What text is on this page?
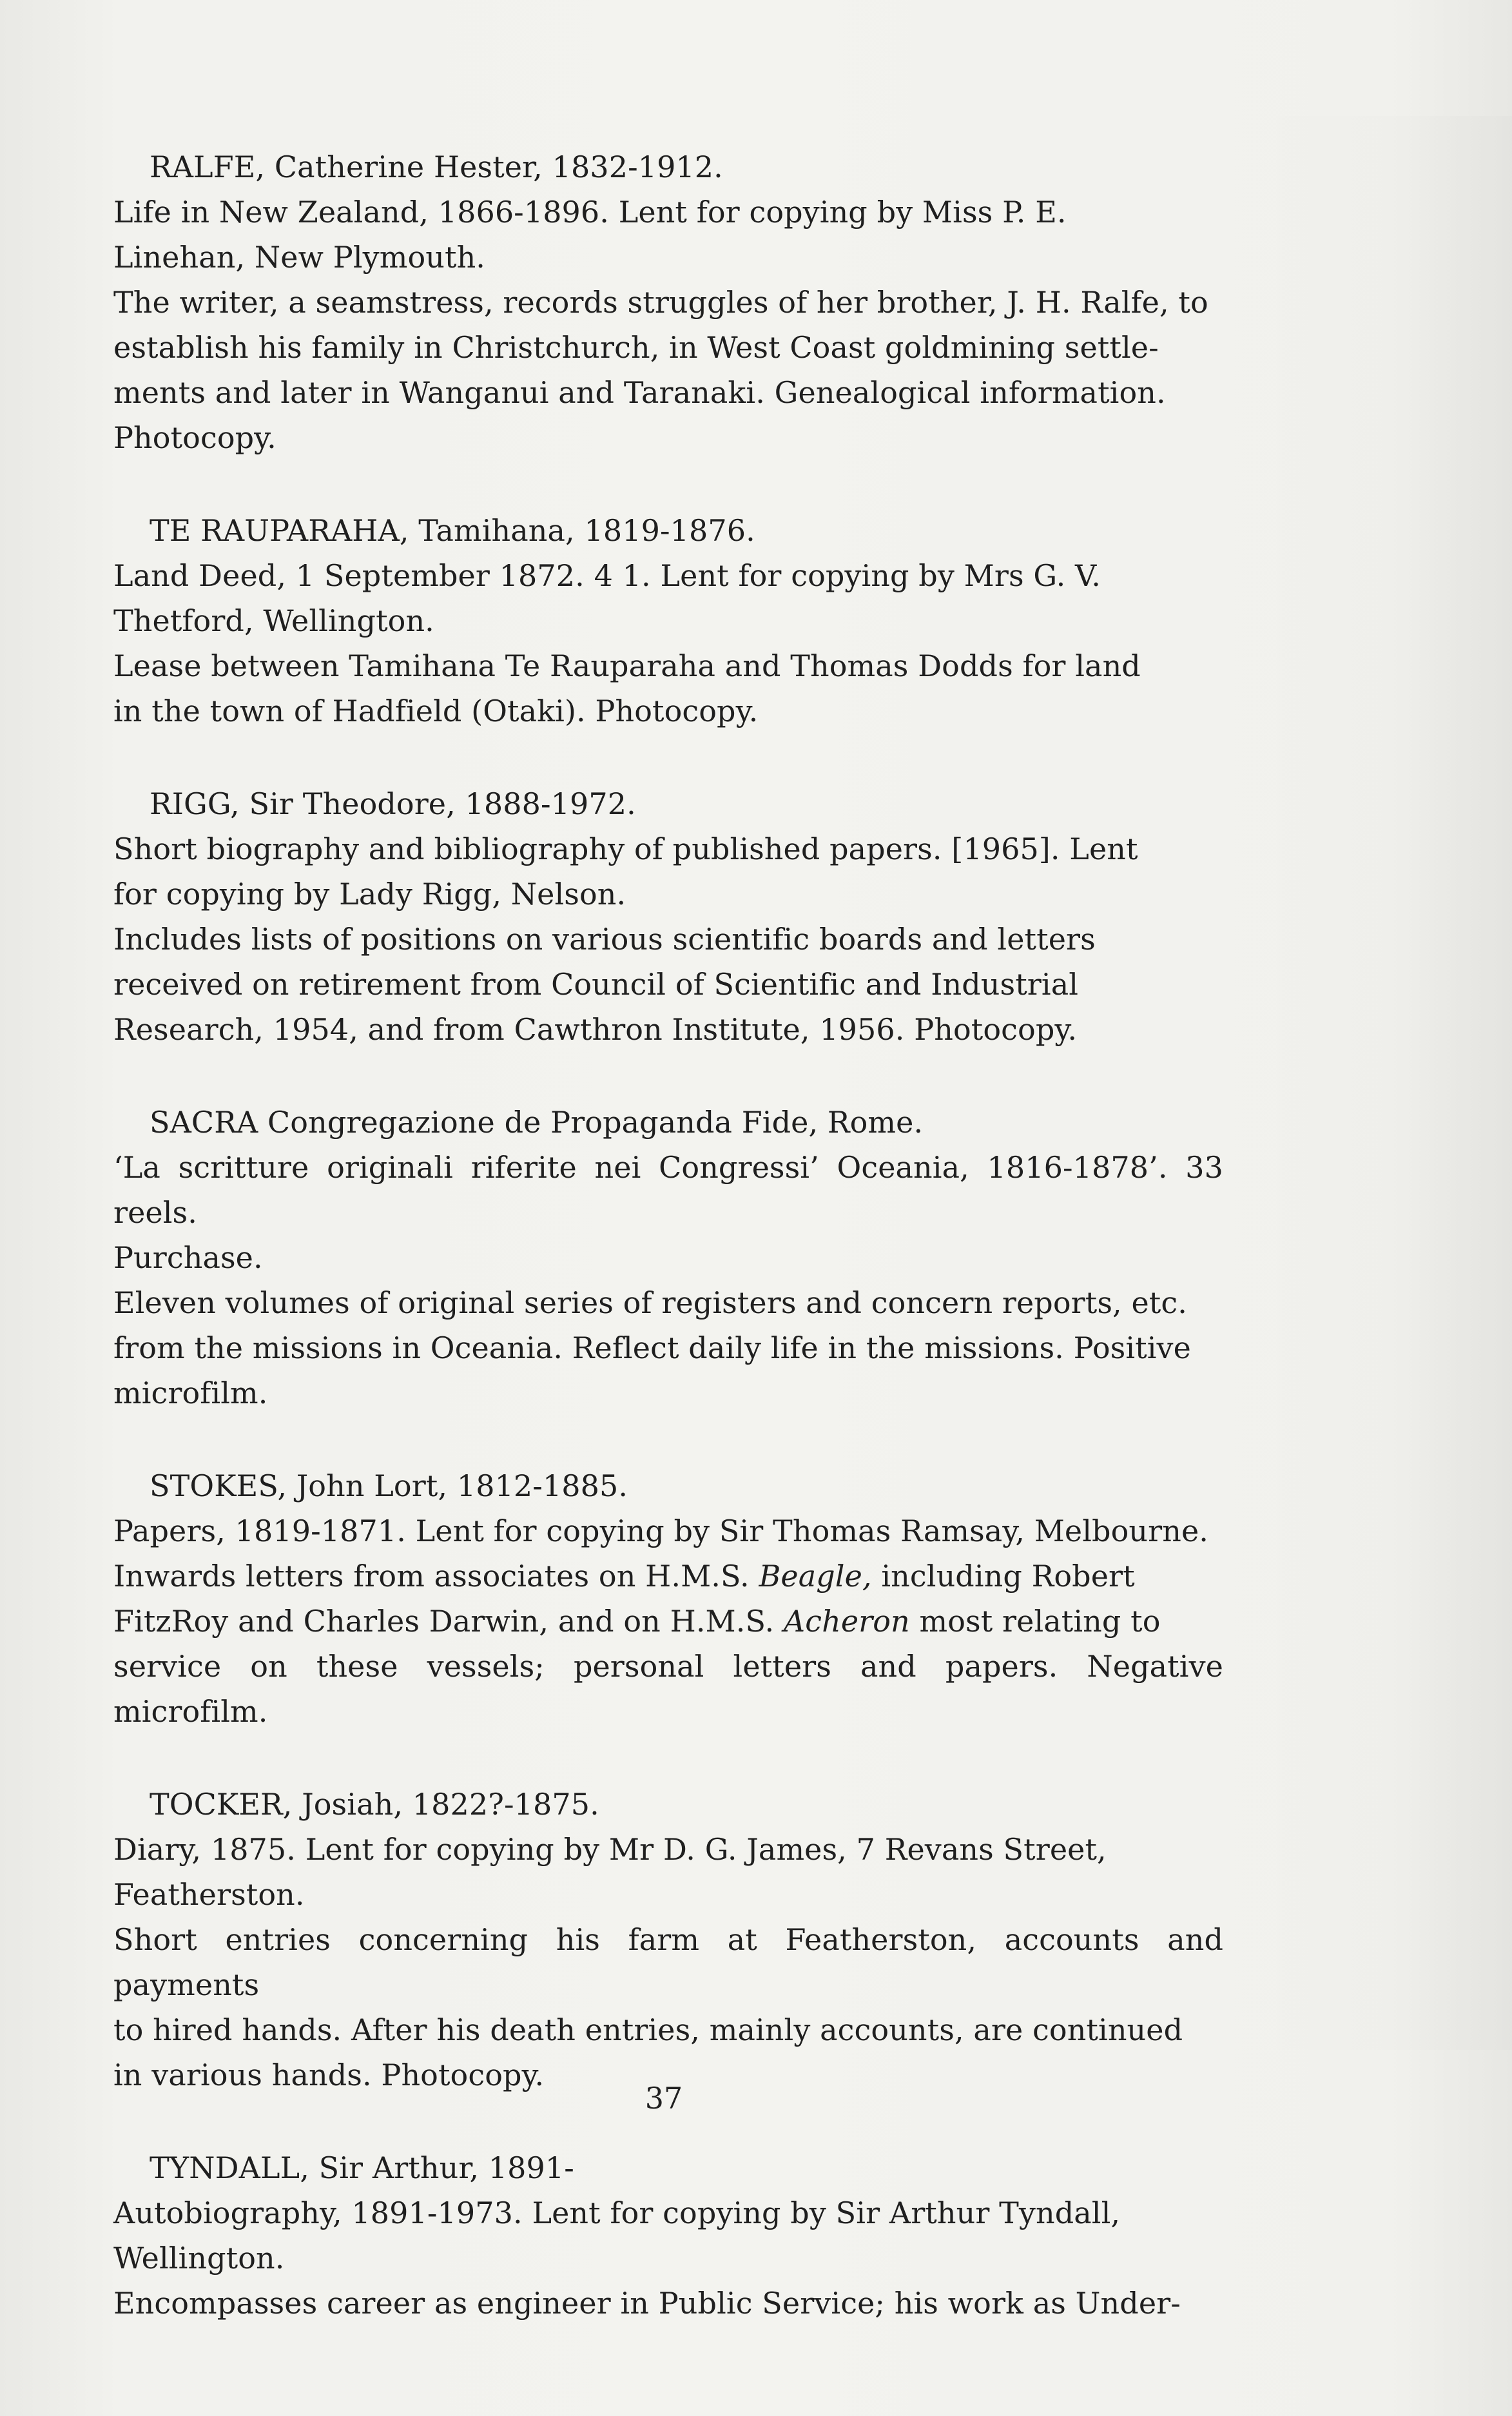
RALFE, Catherine Hester, 1832-1912.

Life in New Zealand, 1866-1896. Lent for copying by Miss P. E.
Linehan, New Plymouth.

The writer, a seamstress, records struggles of her brother, J. H. Ralfe, to
establish his family in Christchurch, in West Coast goldmining settle-
ments and later in Wanganui and Taranaki. Genealogical information.
Photocopy.

TE RAUPARAHA, Tamihana, 1819-1876.

Land Deed, 1 September 1872. 4 1. Lent for copying by Mrs G. V.
Thetford, Wellington.

Lease between Tamihana Te Rauparaha and Thomas Dodds for land
in the town of Hadfield (Otaki). Photocopy.

RIGG, Sir Theodore, 1888-1972.

Short biography and bibliography of published papers. [1965]. Lent
for copying by Lady Rigg, Nelson.

Includes lists of positions on various scientific boards and letters
received on retirement from Council of Scientific and Industrial
Research, 1954, and from Cawthron Institute, 1956. Photocopy.

SACRA Congregazione de Propaganda Fide, Rome.

‘La scritture originali riferite nei Congressi’ Oceania, 1816-1878’. 33 reels.
Purchase.

Eleven volumes of original series of registers and concern reports, etc.
from the missions in Oceania. Reflect daily life in the missions. Positive
microfilm.

STOKES, John Lort, 1812-1885.

Papers, 1819-1871. Lent for copying by Sir Thomas Ramsay, Melbourne.

Inwards letters from associates on H.M.S. Beagle, including Robert
FitzRoy and Charles Darwin, and on H.M.S. Acheron most relating to
service on these vessels; personal letters and papers. Negative microfilm.

TOCKER, Josiah, 1822?-1875.

Diary, 1875. Lent for copying by Mr D. G. James, 7 Revans Street,
Featherston.

Short entries concerning his farm at Featherston, accounts and payments
to hired hands. After his death entries, mainly accounts, are continued
in various hands. Photocopy.

TYNDALL, Sir Arthur, 1891-

Autobiography, 1891-1973. Lent for copying by Sir Arthur Tyndall,
Wellington.

Encompasses career as engineer in Public Service; his work as Under-

37
